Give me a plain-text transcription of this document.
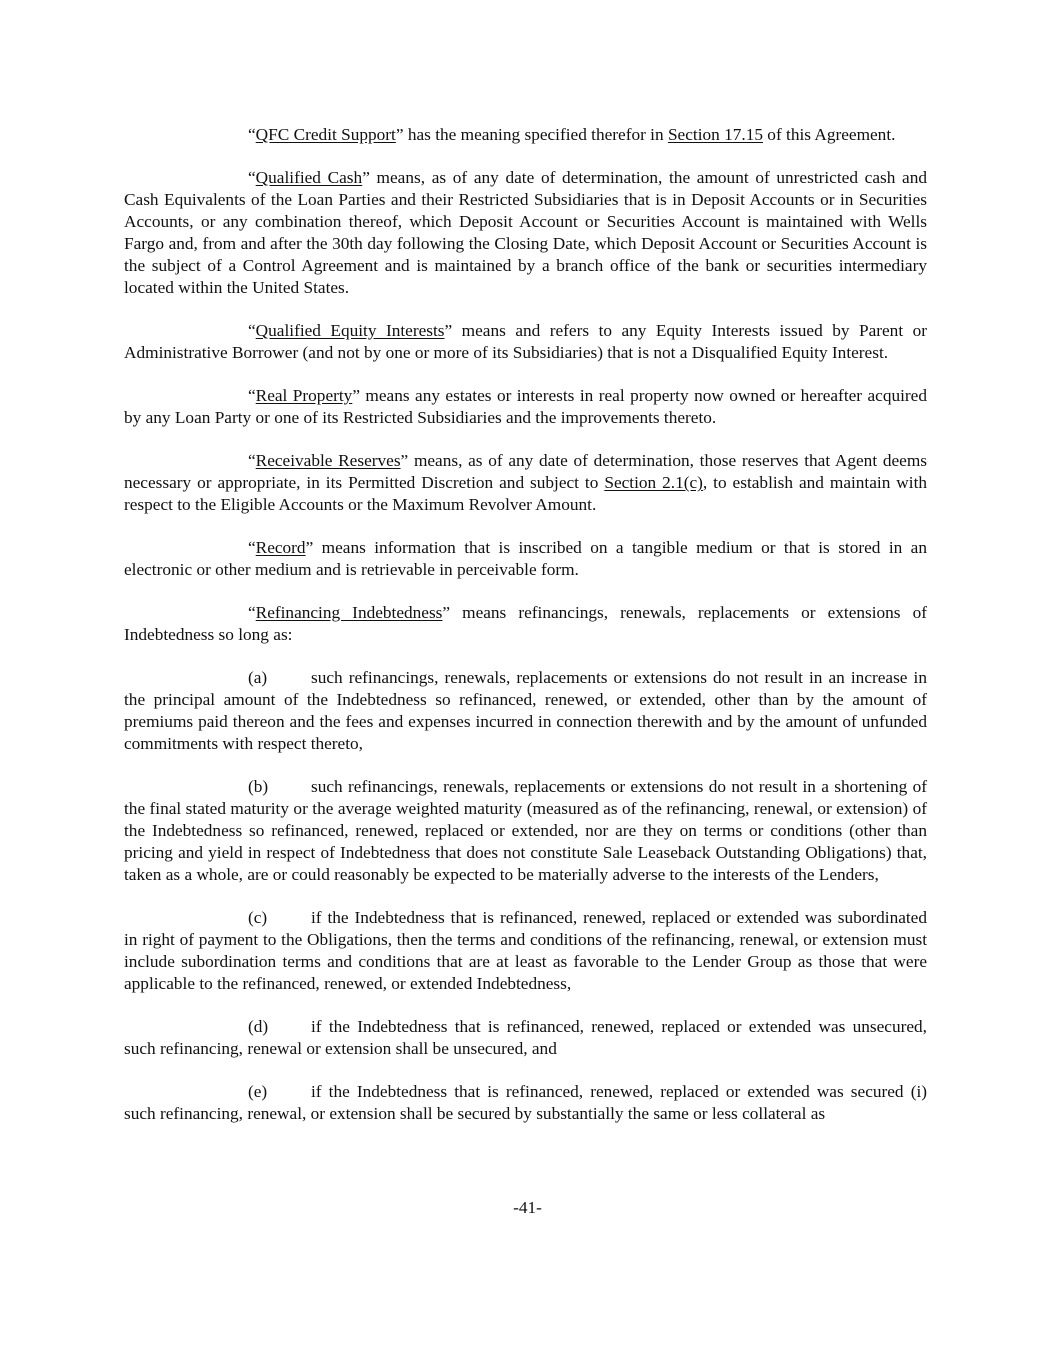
“QFC Credit Support” has the meaning specified therefor in Section 17.15 of this Agreement.

“Qualified Cash” means, as of any date of determination, the amount of unrestricted cash and Cash Equivalents of the Loan Parties and their Restricted Subsidiaries that is in Deposit Accounts or in Securities Accounts, or any combination thereof, which Deposit Account or Securities Account is maintained with Wells Fargo and, from and after the 30th day following the Closing Date, which Deposit Account or Securities Account is the subject of a Control Agreement and is maintained by a branch office of the bank or securities intermediary located within the United States.

“Qualified Equity Interests” means and refers to any Equity Interests issued by Parent or Administrative Borrower (and not by one or more of its Subsidiaries) that is not a Disqualified Equity Interest.

“Real Property” means any estates or interests in real property now owned or hereafter acquired by any Loan Party or one of its Restricted Subsidiaries and the improvements thereto.

“Receivable Reserves” means, as of any date of determination, those reserves that Agent deems necessary or appropriate, in its Permitted Discretion and subject to Section 2.1(c), to establish and maintain with respect to the Eligible Accounts or the Maximum Revolver Amount.

“Record” means information that is inscribed on a tangible medium or that is stored in an electronic or other medium and is retrievable in perceivable form.

“Refinancing Indebtedness” means refinancings, renewals, replacements or extensions of Indebtedness so long as:

(a)	such refinancings, renewals, replacements or extensions do not result in an increase in the principal amount of the Indebtedness so refinanced, renewed, or extended, other than by the amount of premiums paid thereon and the fees and expenses incurred in connection therewith and by the amount of unfunded commitments with respect thereto,

(b) such refinancings, renewals, replacements or extensions do not result in a shortening of the final stated maturity or the average weighted maturity (measured as of the refinancing, renewal, or extension) of the Indebtedness so refinanced, renewed, replaced or extended, nor are they on terms or conditions (other than pricing and yield in respect of Indebtedness that does not constitute Sale Leaseback Outstanding Obligations) that, taken as a whole, are or could reasonably be expected to be materially adverse to the interests of the Lenders,

(c)	if the Indebtedness that is refinanced, renewed, replaced or extended was subordinated in right of payment to the Obligations, then the terms and conditions of the refinancing, renewal, or extension must include subordination terms and conditions that are at least as favorable to the Lender Group as those that were applicable to the refinanced, renewed, or extended Indebtedness,

(d) if the Indebtedness that is refinanced, renewed, replaced or extended was unsecured, such refinancing, renewal or extension shall be unsecured, and

(e)	if the Indebtedness that is refinanced, renewed, replaced or extended was secured (i) such refinancing, renewal, or extension shall be secured by substantially the same or less collateral as

-41-
